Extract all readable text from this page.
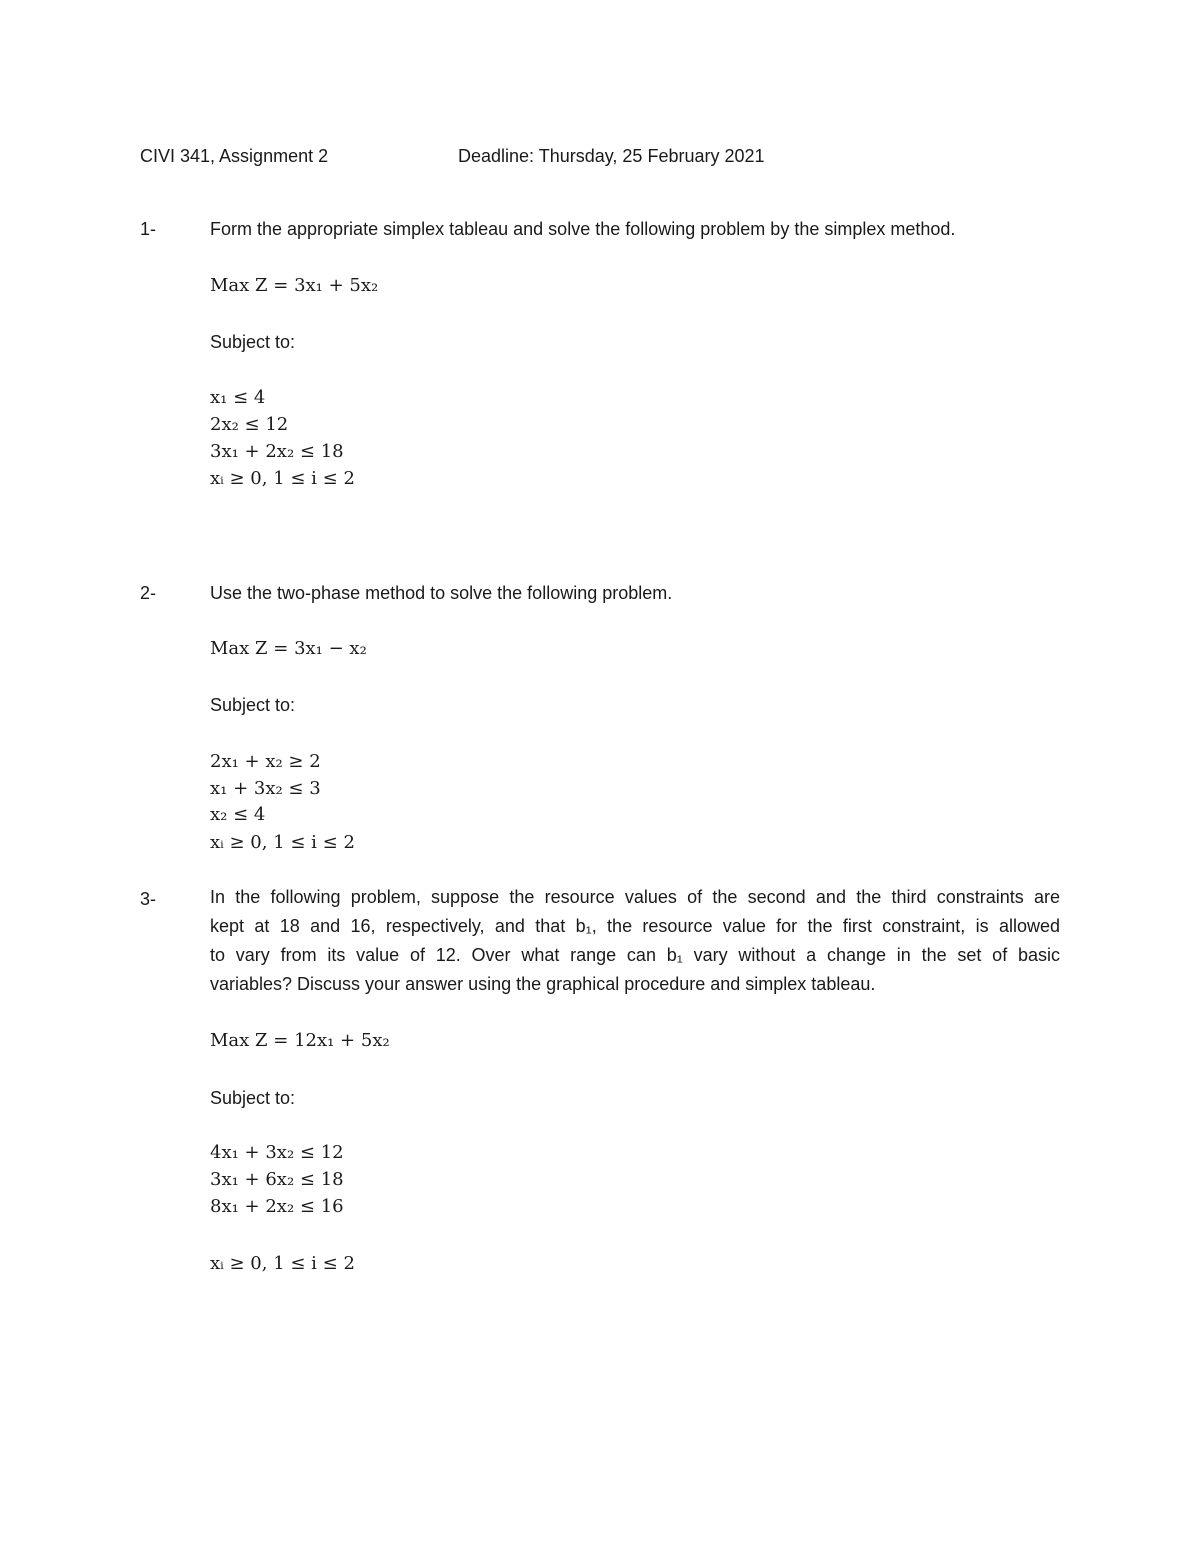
CIVI 341, Assignment 2	Deadline: Thursday, 25 February 2021
1-	Form the appropriate simplex tableau and solve the following problem by the simplex method.
Max Z = 3x₁ + 5x₂
Subject to:
x₁ ≤ 4
2x₂ ≤ 12
3x₁ + 2x₂ ≤ 18
xᵢ ≥ 0, 1 ≤ i ≤ 2
2-	Use the two-phase method to solve the following problem.
Max Z = 3x₁ − x₂
Subject to:
2x₁ + x₂ ≥ 2
x₁ + 3x₂ ≤ 3
x₂ ≤ 4
xᵢ ≥ 0, 1 ≤ i ≤ 2
3-	In the following problem, suppose the resource values of the second and the third constraints are
kept at 18 and 16, respectively, and that b₁, the resource value for the first constraint, is allowed
to vary from its value of 12. Over what range can b₁ vary without a change in the set of basic
variables? Discuss your answer using the graphical procedure and simplex tableau.
Max Z = 12x₁ + 5x₂
Subject to:
4x₁ + 3x₂ ≤ 12
3x₁ + 6x₂ ≤ 18
8x₁ + 2x₂ ≤ 16
xᵢ ≥ 0, 1 ≤ i ≤ 2
